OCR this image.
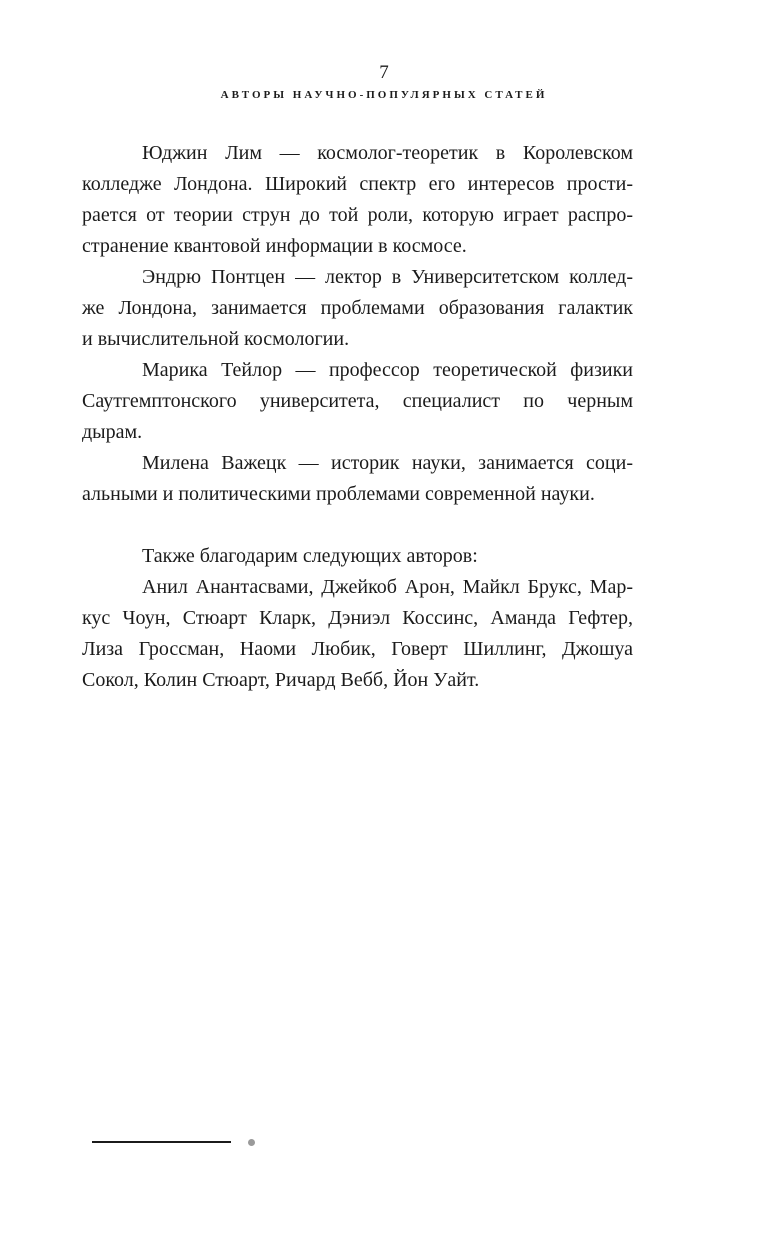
7
АВТОРЫ НАУЧНО-ПОПУЛЯРНЫХ СТАТЕЙ

Юджин Лим — космолог-теоретик в Королевском
колледже Лондона. Широкий спектр его интересов прости-
рается от теории струн до той роли, которую играет распро-
странение квантовой информации в космосе.

Эндрю Понтцен — лектор в Университетском коллед-
же Лондона, занимается проблемами образования галактик
и вычислительной космологии.

Марика Тейлор — профессор теоретической физики
Саутгемптонского университета, специалист по черным
дырам.

Милена Важецк — историк науки, занимается соци-
альными и политическими проблемами современной науки.

Также благодарим следующих авторов:

Анил Анантасвами, Джейкоб Арон, Майкл Брукс, Мар-
кус Чоун, Стюарт Кларк, Дэниэл Коссинс, Аманда Гефтер,
Лиза Гроссман, Наоми Любик, Говерт Шиллинг, Джошуа
Сокол, Колин Стюарт, Ричард Вебб, Йон Уайт.
